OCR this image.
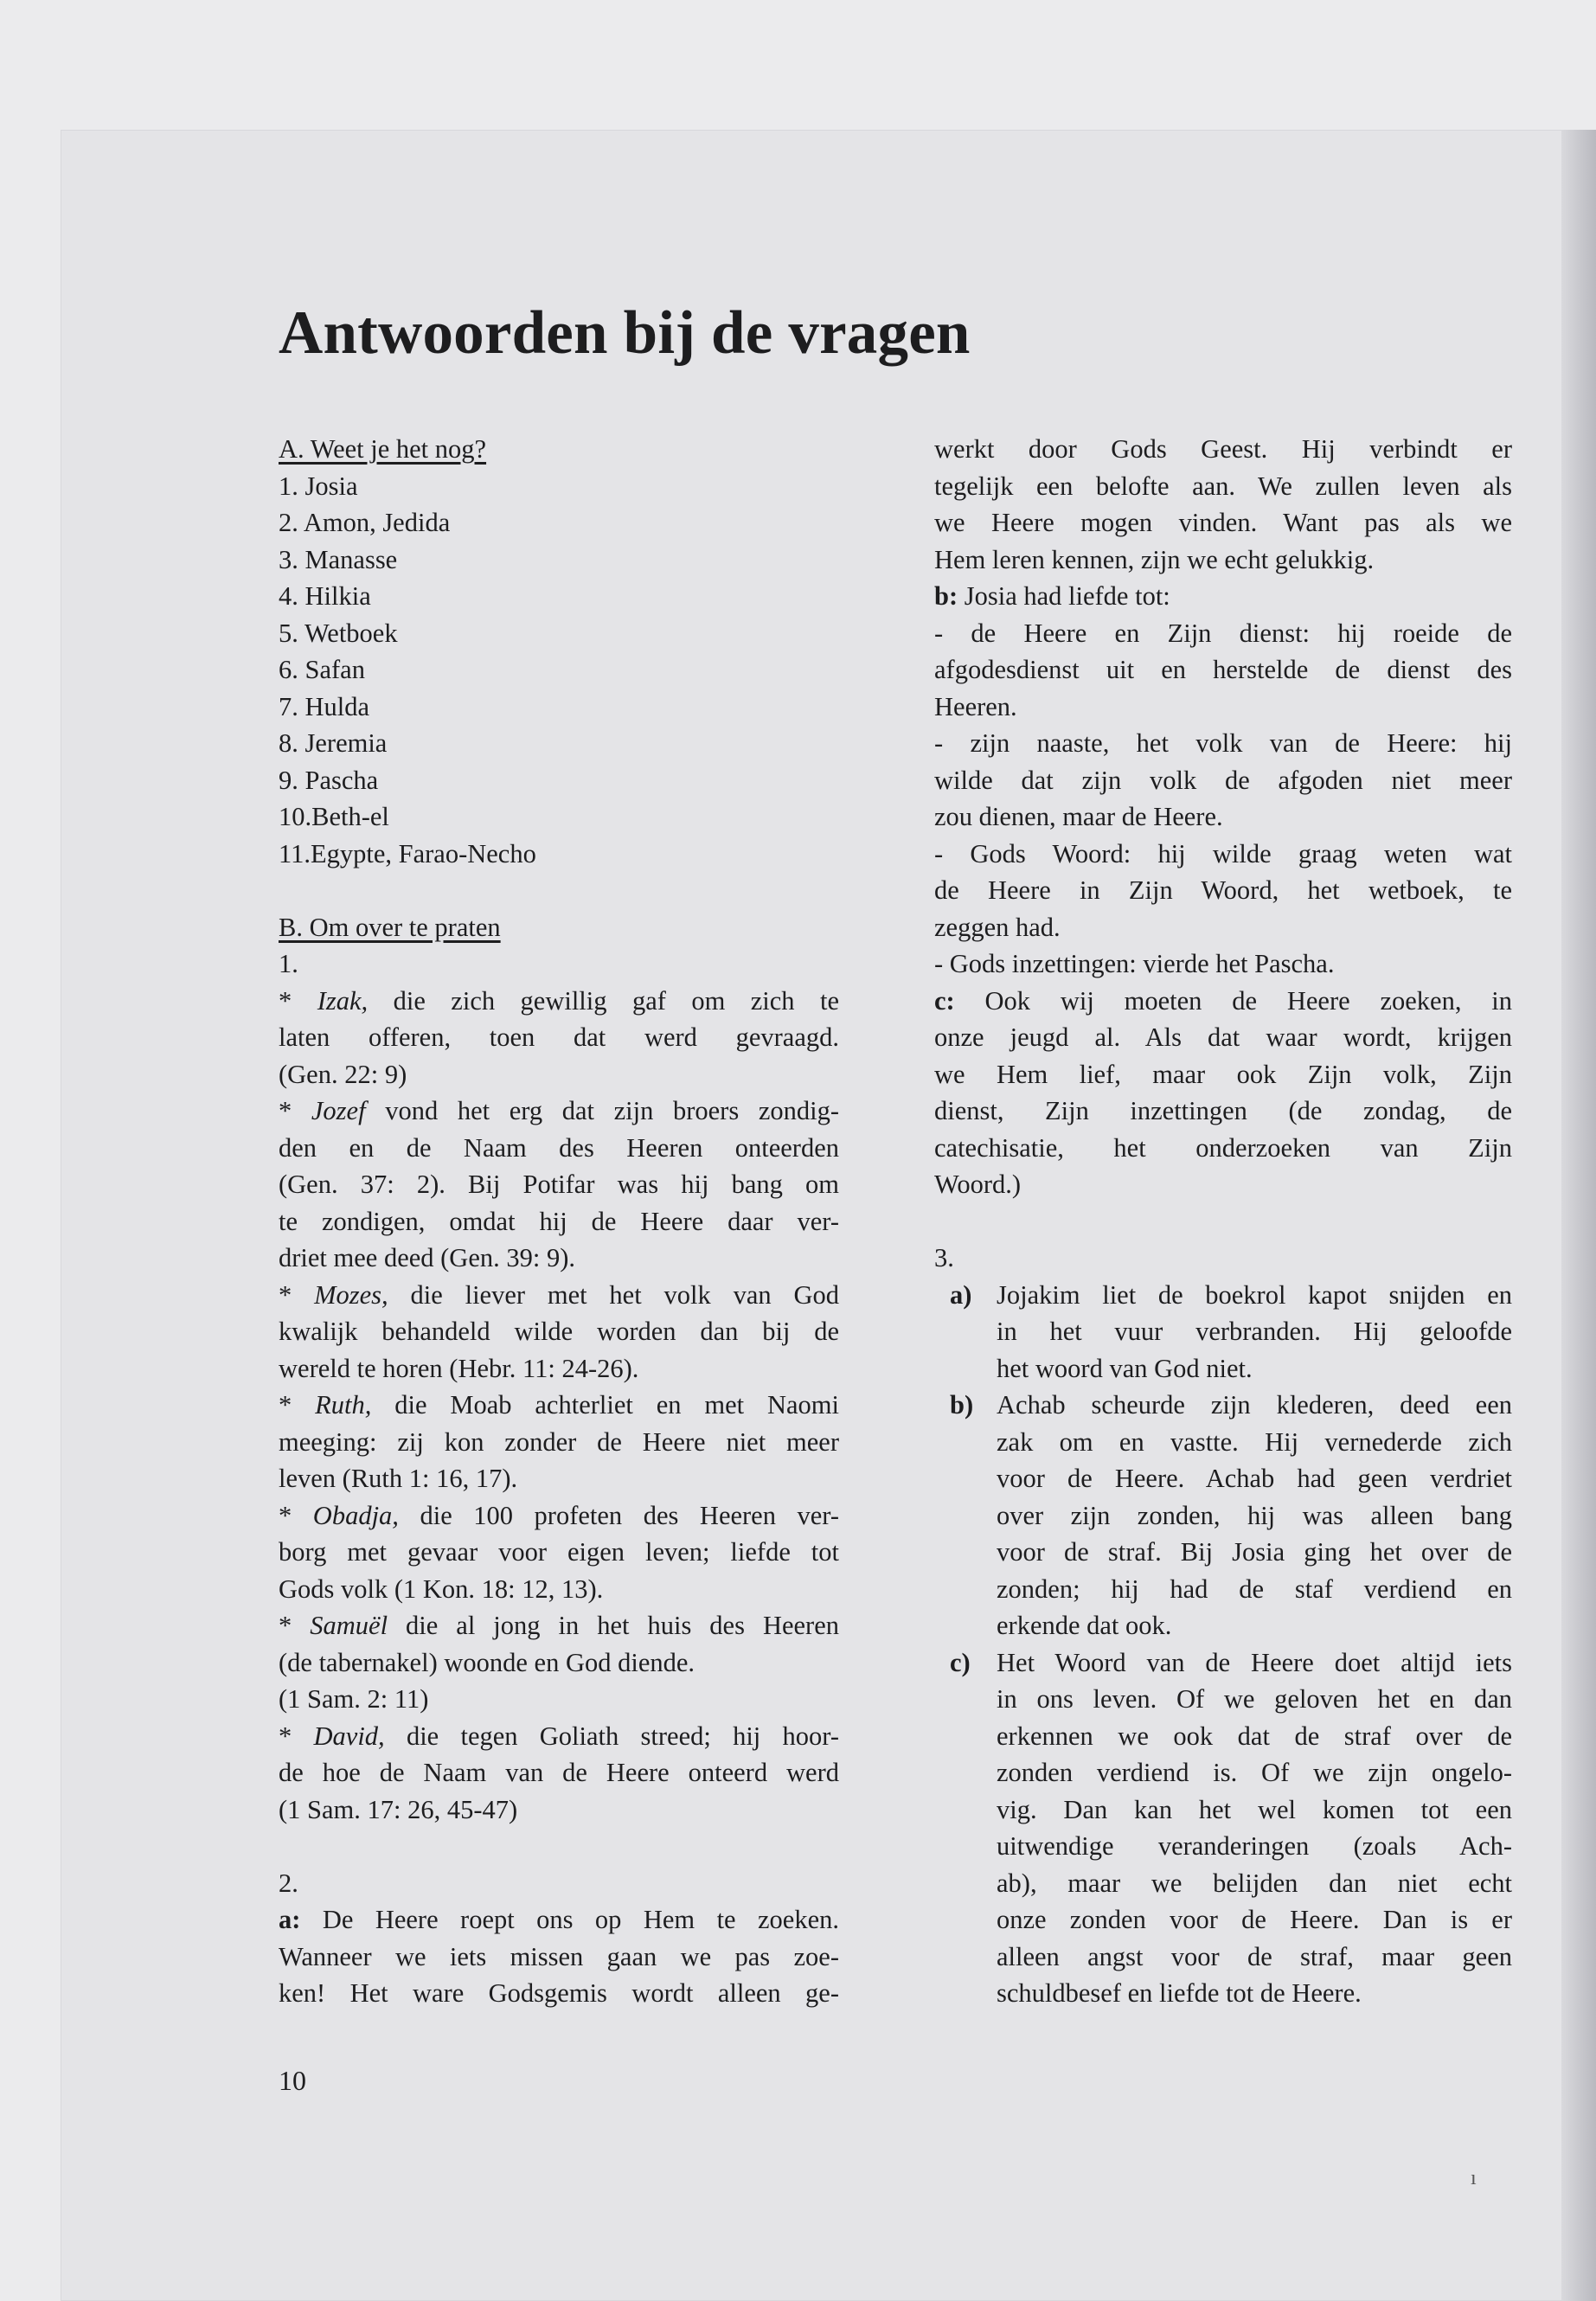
Antwoorden bij de vragen
A. Weet je het nog?
1. Josia
2. Amon, Jedida
3. Manasse
4. Hilkia
5. Wetboek
6. Safan
7. Hulda
8. Jeremia
9. Pascha
10.Beth-el
11.Egypte, Farao-Necho
B. Om over te praten
1.
* Izak, die zich gewillig gaf om zich te
laten offeren, toen dat werd gevraagd.
(Gen. 22: 9)
* Jozef vond het erg dat zijn broers zondig-
den en de Naam des Heeren onteerden
(Gen. 37: 2). Bij Potifar was hij bang om
te zondigen, omdat hij de Heere daar ver-
driet mee deed (Gen. 39: 9).
* Mozes, die liever met het volk van God
kwalijk behandeld wilde worden dan bij de
wereld te horen (Hebr. 11: 24-26).
* Ruth, die Moab achterliet en met Naomi
meeging: zij kon zonder de Heere niet meer
leven (Ruth 1: 16, 17).
* Obadja, die 100 profeten des Heeren ver-
borg met gevaar voor eigen leven; liefde tot
Gods volk (1 Kon. 18: 12, 13).
* Samuël die al jong in het huis des Heeren
(de tabernakel) woonde en God diende.
(1 Sam. 2: 11)
* David, die tegen Goliath streed; hij hoor-
de hoe de Naam van de Heere onteerd werd
(1 Sam. 17: 26, 45-47)
2.
a: De Heere roept ons op Hem te zoeken.
Wanneer we iets missen gaan we pas zoe-
ken! Het ware Godsgemis wordt alleen ge-
werkt door Gods Geest. Hij verbindt er
tegelijk een belofte aan. We zullen leven als
we Heere mogen vinden. Want pas als we
Hem leren kennen, zijn we echt gelukkig.
b: Josia had liefde tot:
- de Heere en Zijn dienst: hij roeide de
afgodesdienst uit en herstelde de dienst des
Heeren.
- zijn naaste, het volk van de Heere: hij
wilde dat zijn volk de afgoden niet meer
zou dienen, maar de Heere.
- Gods Woord: hij wilde graag weten wat
de Heere in Zijn Woord, het wetboek, te
zeggen had.
- Gods inzettingen: vierde het Pascha.
c: Ook wij moeten de Heere zoeken, in
onze jeugd al. Als dat waar wordt, krijgen
we Hem lief, maar ook Zijn volk, Zijn
dienst, Zijn inzettingen (de zondag, de
catechisatie, het onderzoeken van Zijn
Woord.)
3.
a) Jojakim liet de boekrol kapot snijden en
in het vuur verbranden. Hij geloofde
het woord van God niet.
b) Achab scheurde zijn klederen, deed een
zak om en vastte. Hij vernederde zich
voor de Heere. Achab had geen verdriet
over zijn zonden, hij was alleen bang
voor de straf. Bij Josia ging het over de
zonden; hij had de staf verdiend en
erkende dat ook.
c) Het Woord van de Heere doet altijd iets
in ons leven. Of we geloven het en dan
erkennen we ook dat de straf over de
zonden verdiend is. Of we zijn ongelo-
vig. Dan kan het wel komen tot een
uitwendige veranderingen (zoals Ach-
ab), maar we belijden dan niet echt
onze zonden voor de Heere. Dan is er
alleen angst voor de straf, maar geen
schuldbesef en liefde tot de Heere.
10
ı
